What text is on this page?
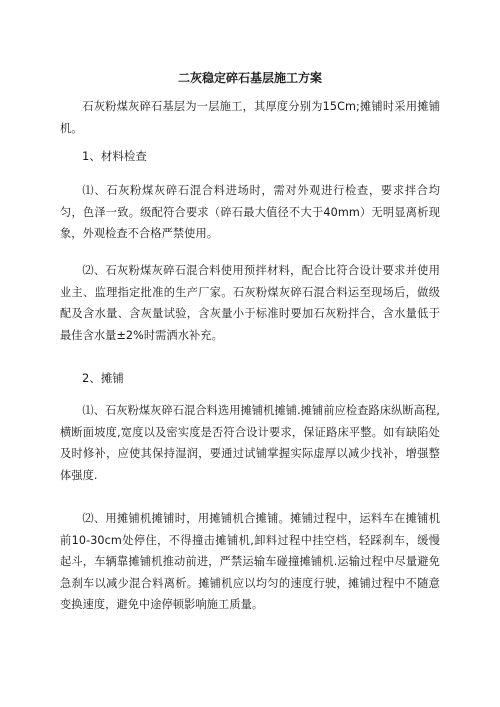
二灰稳定碎石基层施工方案

石灰粉煤灰碎石基层为一层施工，其厚度分别为15Cm;摊铺时采用摊铺机。

1、材料检查

⑴、石灰粉煤灰碎石混合料进场时，需对外观进行检查，要求拌合均匀，色泽一致。级配符合要求（碎石最大值径不大于40mm）无明显离析现象，外观检查不合格严禁使用。

⑵、石灰粉煤灰碎石混合料使用预拌材料，配合比符合设计要求并使用业主、监理指定批准的生产厂家。石灰粉煤灰碎石混合料运至现场后，做级配及含水量、含灰量试验，含灰量小于标准时要加石灰粉拌合，含水量低于最佳含水量±2%时需洒水补充。

2、摊铺

⑴、石灰粉煤灰碎石混合料选用摊铺机摊铺.摊铺前应检查路床纵断高程,横断面坡度,宽度以及密实度是否符合设计要求，保证路床平整。如有缺陷处及时修补，应使其保持湿润，要通过试铺掌握实际虚厚以减少找补，增强整体强度.

⑵、用摊铺机摊铺时，用摊铺机合摊铺。摊铺过程中，运料车在摊铺机前10-30cm处停住，不得撞击摊铺机,卸料过程中挂空档，轻踩刹车，缓慢起斗，车辆靠摊铺机推动前进，严禁运输车碰撞摊铺机.运输过程中尽量避免急刹车以减少混合料离析。摊铺机应以均匀的速度行驶，摊铺过程中不随意变换速度，避免中途停顿影响施工质量。
